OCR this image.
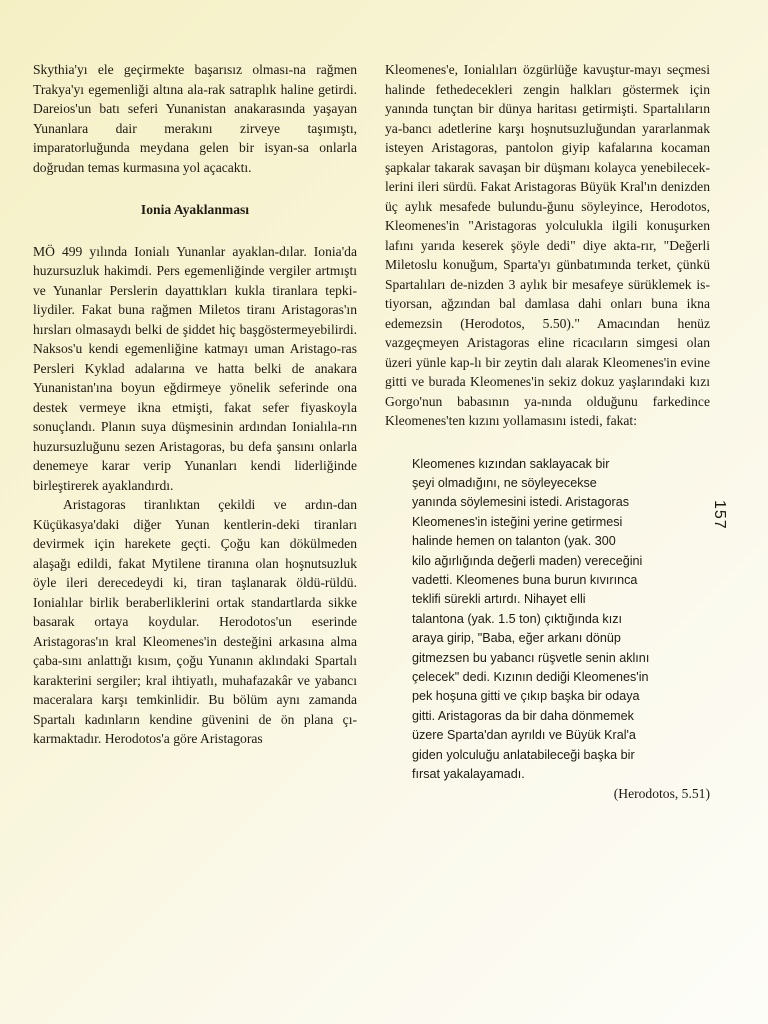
Skythia'yı ele geçirmekte başarısız olması-na rağmen Trakya'yı egemenliği altına ala-rak satraplık haline getirdi. Dareios'un batı seferi Yunanistan anakarasında yaşayan Yunanlara dair merakını zirveye taşımıştı, imparatorluğunda meydana gelen bir isyan-sa onlarla doğrudan temas kurmasına yol açacaktı.

Ionia Ayaklanması

MÖ 499 yılında Ionialı Yunanlar ayaklan-dılar. Ionia'da huzursuzluk hakimdi. Pers egemenliğinde vergiler artmıştı ve Yunanlar Perslerin dayattıkları kukla tiranlara tepki-liydiler. Fakat buna rağmen Miletos tiranı Aristagoras'ın hırsları olmasaydı belki de şiddet hiç başgöstermeyebilirdi. Naksos'u kendi egemenliğine katmayı uman Aristago-ras Persleri Kyklad adalarına ve hatta belki de anakara Yunanistan'ına boyun eğdirmeye yönelik seferinde ona destek vermeye ikna etmişti, fakat sefer fiyaskoyla sonuçlandı. Planın suya düşmesinin ardından Ionialıla-rın huzursuzluğunu sezen Aristagoras, bu defa şansını onlarla denemeye karar verip Yunanları kendi liderliğinde birleştirerek ayaklandırdı.

Aristagoras tiranlıktan çekildi ve ardın-dan Küçükasya'daki diğer Yunan kentlerin-deki tiranları devirmek için harekete geçti. Çoğu kan dökülmeden alaşağı edildi, fakat Mytilene tiranına olan hoşnutsuzluk öyle ileri derecedeydi ki, tiran taşlanarak öldü-rüldü. Ionialılar birlik beraberliklerini ortak standartlarda sikke basarak ortaya koydular. Herodotos'un eserinde Aristagoras'ın kral Kleomenes'in desteğini arkasına alma çaba-sını anlattığı kısım, çoğu Yunanın aklındaki Spartalı karakterini sergiler; kral ihtiyatlı, muhafazakâr ve yabancı maceralara karşı temkinlidir. Bu bölüm aynı zamanda Spartalı kadınların kendine güvenini de ön plana çı-karmaktadır. Herodotos'a göre Aristagoras

Kleomenes'e, Ionialıları özgürlüğe kavuştur-mayı seçmesi halinde fethedecekleri zengin halkları göstermek için yanında tunçtan bir dünya haritası getirmişti. Spartalıların ya-bancı adetlerine karşı hoşnutsuzluğundan yararlanmak isteyen Aristagoras, pantolon giyip kafalarına kocaman şapkalar takarak savaşan bir düşmanı kolayca yenebilecek-lerini ileri sürdü. Fakat Aristagoras Büyük Kral'ın denizden üç aylık mesafede bulundu-ğunu söyleyince, Herodotos, Kleomenes'in "Aristagoras yolculukla ilgili konuşurken lafını yarıda keserek şöyle dedi" diye akta-rır, "Değerli Miletoslu konuğum, Sparta'yı günbatımında terket, çünkü Spartalıları de-nizden 3 aylık bir mesafeye sürüklemek is-tiyorsan, ağzından bal damlasa dahi onları buna ikna edemezsin (Herodotos, 5.50)." Amacından henüz vazgeçmeyen Aristagoras eline ricacıların simgesi olan üzeri yünle kap-lı bir zeytin dalı alarak Kleomenes'in evine gitti ve burada Kleomenes'in sekiz dokuz yaşlarındaki kızı Gorgo'nun babasının ya-nında olduğunu farkedince Kleomenes'ten kızını yollamasını istedi, fakat:

Kleomenes kızından saklayacak bir
şeyi olmadığını, ne söyleyecekse
yanında söylemesini istedi. Aristagoras
Kleomenes'in isteğini yerine getirmesi
halinde hemen on talanton (yak. 300
kilo ağırlığında değerli maden) vereceğini
vadetti. Kleomenes buna burun kıvırınca
teklifi sürekli artırdı. Nihayet elli
talantona (yak. 1.5 ton) çıktığında kızı
araya girip, "Baba, eğer arkanı dönüp
gitmezsen bu yabancı rüşvetle senin aklını
çelecek" dedi. Kızının dediği Kleomenes'in
pek hoşuna gitti ve çıkıp başka bir odaya
gitti. Aristagoras da bir daha dönmemek
üzere Sparta'dan ayrıldı ve Büyük Kral'a
giden yolculuğu anlatabileceği başka bir
fırsat yakalayamadı.
(Herodotos, 5.51)
157
